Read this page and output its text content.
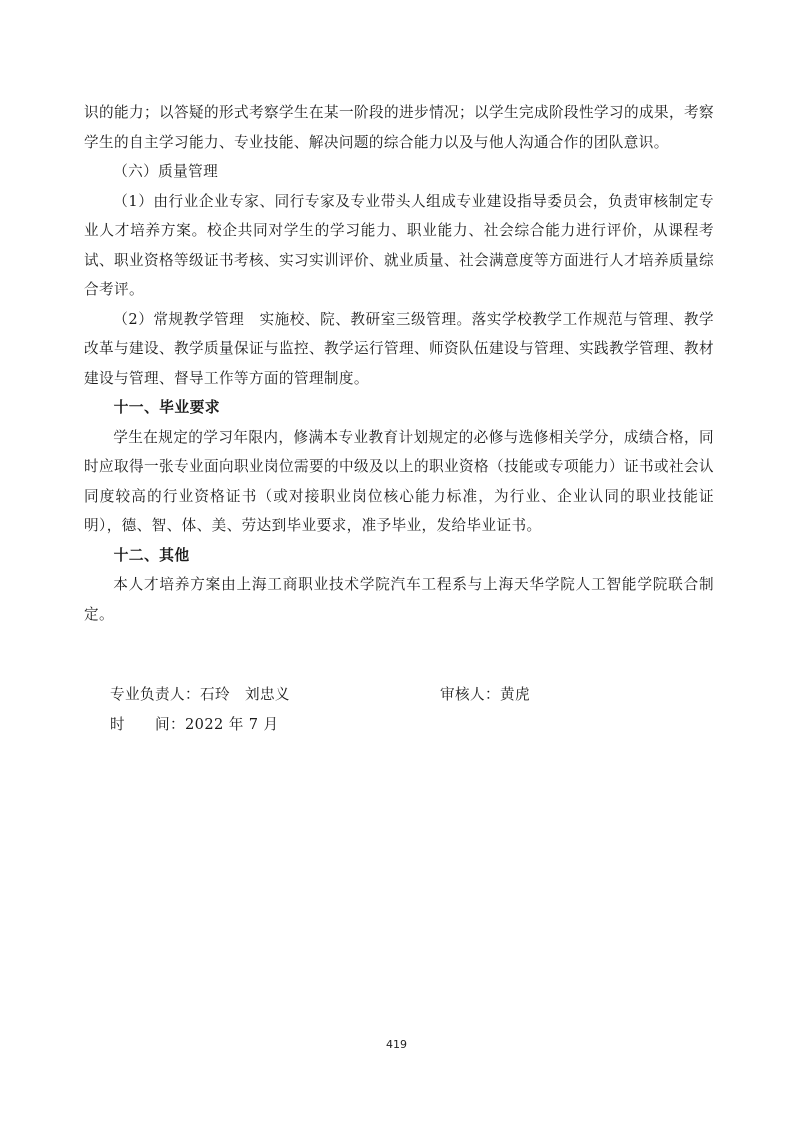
识的能力；以答疑的形式考察学生在某一阶段的进步情况；以学生完成阶段性学习的成果，考察学生的自主学习能力、专业技能、解决问题的综合能力以及与他人沟通合作的团队意识。

（六）质量管理

（1）由行业企业专家、同行专家及专业带头人组成专业建设指导委员会，负责审核制定专业人才培养方案。校企共同对学生的学习能力、职业能力、社会综合能力进行评价，从课程考试、职业资格等级证书考核、实习实训评价、就业质量、社会满意度等方面进行人才培养质量综合考评。

（2）常规教学管理　实施校、院、教研室三级管理。落实学校教学工作规范与管理、教学改革与建设、教学质量保证与监控、教学运行管理、师资队伍建设与管理、实践教学管理、教材建设与管理、督导工作等方面的管理制度。

十一、毕业要求

学生在规定的学习年限内，修满本专业教育计划规定的必修与选修相关学分，成绩合格，同时应取得一张专业面向职业岗位需要的中级及以上的职业资格（技能或专项能力）证书或社会认同度较高的行业资格证书（或对接职业岗位核心能力标准，为行业、企业认同的职业技能证明），德、智、体、美、劳达到毕业要求，准予毕业，发给毕业证书。

十二、其他

本人才培养方案由上海工商职业技术学院汽车工程系与上海天华学院人工智能学院联合制定。

专业负责人：石玲　刘忠义	审核人：黄虎
时　　间：2022 年 7 月
419
